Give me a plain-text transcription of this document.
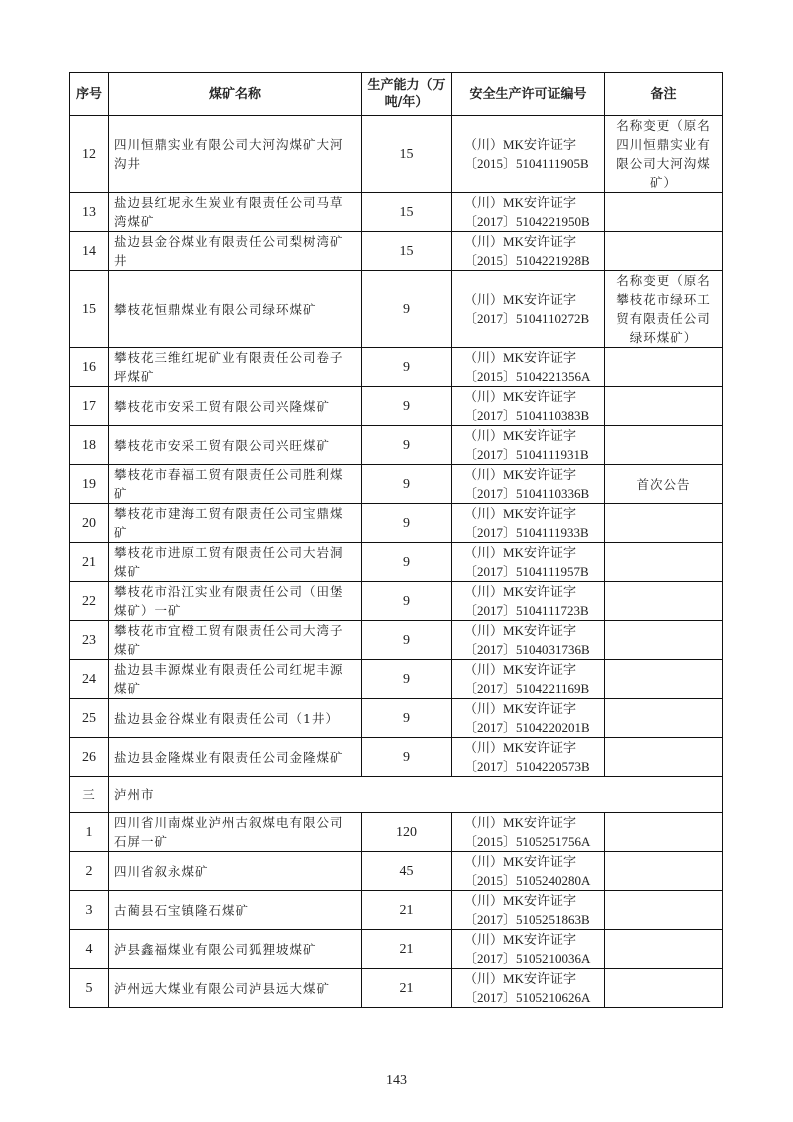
序号	煤矿名称	生产能力（万吨/年）	安全生产许可证编号	备注
12	四川恒鼎实业有限公司大河沟煤矿大河沟井	15	（川）MK安许证字〔2015〕5104111905B	名称变更（原名四川恒鼎实业有限公司大河沟煤矿）
13	盐边县红坭永生炭业有限责任公司马草湾煤矿	15	（川）MK安许证字〔2017〕5104221950B	
14	盐边县金谷煤业有限责任公司梨树湾矿井	15	（川）MK安许证字〔2015〕5104221928B	
15	攀枝花恒鼎煤业有限公司绿环煤矿	9	（川）MK安许证字〔2017〕5104110272B	名称变更（原名攀枝花市绿环工贸有限责任公司绿环煤矿）
16	攀枝花三维红坭矿业有限责任公司卷子坪煤矿	9	（川）MK安许证字〔2015〕5104221356A	
17	攀枝花市安采工贸有限公司兴隆煤矿	9	（川）MK安许证字〔2017〕5104110383B	
18	攀枝花市安采工贸有限公司兴旺煤矿	9	（川）MK安许证字〔2017〕5104111931B	
19	攀枝花市春福工贸有限责任公司胜利煤矿	9	（川）MK安许证字〔2017〕5104110336B	首次公告
20	攀枝花市建海工贸有限责任公司宝鼎煤矿	9	（川）MK安许证字〔2017〕5104111933B	
21	攀枝花市进原工贸有限责任公司大岩洞煤矿	9	（川）MK安许证字〔2017〕5104111957B	
22	攀枝花市沿江实业有限责任公司（田堡煤矿）一矿	9	（川）MK安许证字〔2017〕5104111723B	
23	攀枝花市宜橙工贸有限责任公司大湾子煤矿	9	（川）MK安许证字〔2017〕5104031736B	
24	盐边县丰源煤业有限责任公司红坭丰源煤矿	9	（川）MK安许证字〔2017〕5104221169B	
25	盐边县金谷煤业有限责任公司（1井）	9	（川）MK安许证字〔2017〕5104220201B	
26	盐边县金隆煤业有限责任公司金隆煤矿	9	（川）MK安许证字〔2017〕5104220573B	
三	泸州市			
1	四川省川南煤业泸州古叙煤电有限公司石屏一矿	120	（川）MK安许证字〔2015〕5105251756A	
2	四川省叙永煤矿	45	（川）MK安许证字〔2015〕5105240280A	
3	古蔺县石宝镇隆石煤矿	21	（川）MK安许证字〔2017〕5105251863B	
4	泸县鑫福煤业有限公司狐狸坡煤矿	21	（川）MK安许证字〔2017〕5105210036A	
5	泸州远大煤业有限公司泸县远大煤矿	21	（川）MK安许证字〔2017〕5105210626A	
143
